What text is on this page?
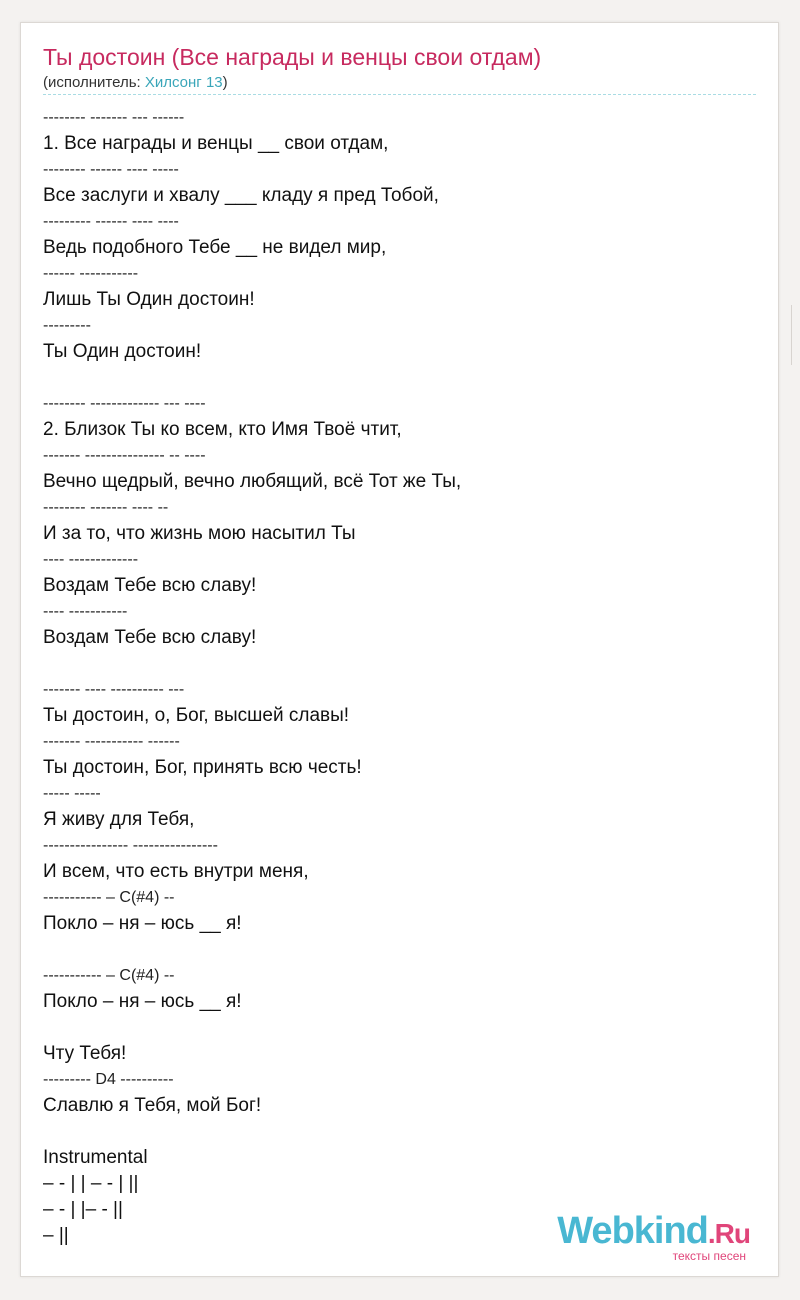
Ты достоин (Все награды и венцы свои отдам)
(исполнитель: Хилсонг 13)
-------- ------- --- ------
1. Все награды и венцы __ свои отдам,
-------- ------ ---- -----
Все заслуги и хвалу ___ кладу я пред Тобой,
--------- ------ ---- ----
Ведь подобного Тебе __ не видел мир,
------ -----------
Лишь Ты Один достоин!
---------
Ты Один достоин!
-------- ------------- --- ----
2. Близок Ты ко всем, кто Имя Твоё чтит,
------- --------------- -- ----
Вечно щедрый, вечно любящий, всё Тот же Ты,
-------- ------- ---- --
И за то, что жизнь мою насытил Ты
---- -------------
Воздам Тебе всю славу!
---- -----------
Воздам Тебе всю славу!
------- ---- ---------- ---
Ты достоин, о, Бог, высшей славы!
------- ----------- ------
Ты достоин, Бог, принять всю честь!
----- -----
Я живу для Тебя,
---------------- ----------------
И всем, что есть внутри меня,
----------- – C(#4) --
Покло – ня – юсь __ я!
----------- – C(#4) --
Покло – ня – юсь __ я!
Чту Тебя!
--------- D4 ----------
Славлю я Тебя, мой Бог!
Instrumental
– - | | – - | ||
– - | |– - ||
– ||	Webkind.Ru
тексты песен
